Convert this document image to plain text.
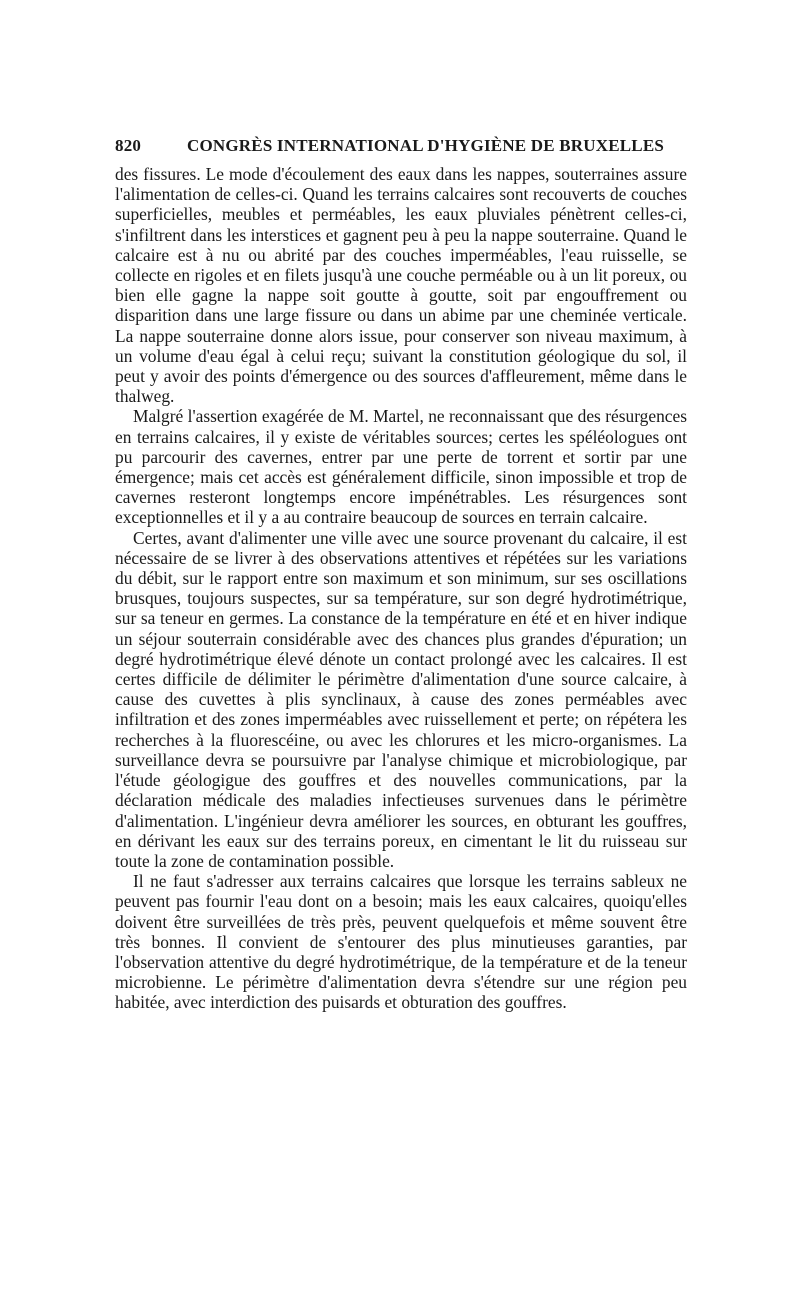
820	CONGRÈS INTERNATIONAL D'HYGIÈNE DE BRUXELLES

des fissures. Le mode d'écoulement des eaux dans les nappes, souterraines assure l'alimentation de celles-ci. Quand les terrains calcaires sont recouverts de couches superficielles, meubles et perméables, les eaux pluviales pénètrent celles-ci, s'infiltrent dans les interstices et gagnent peu à peu la nappe souterraine. Quand le calcaire est à nu ou abrité par des couches imperméables, l'eau ruisselle, se collecte en rigoles et en filets jusqu'à une couche perméable ou à un lit poreux, ou bien elle gagne la nappe soit goutte à goutte, soit par engouffrement ou disparition dans une large fissure ou dans un abime par une cheminée verticale. La nappe souterraine donne alors issue, pour conserver son niveau maximum, à un volume d'eau égal à celui reçu; suivant la constitution géologique du sol, il peut y avoir des points d'émergence ou des sources d'affleurement, même dans le thalweg.

Malgré l'assertion exagérée de M. Martel, ne reconnaissant que des résurgences en terrains calcaires, il y existe de véritables sources; certes les spéléologues ont pu parcourir des cavernes, entrer par une perte de torrent et sortir par une émergence; mais cet accès est généralement difficile, sinon impossible et trop de cavernes resteront longtemps encore impénétrables. Les résurgences sont exceptionnelles et il y a au contraire beaucoup de sources en terrain calcaire.

Certes, avant d'alimenter une ville avec une source provenant du calcaire, il est nécessaire de se livrer à des observations attentives et répétées sur les variations du débit, sur le rapport entre son maximum et son minimum, sur ses oscillations brusques, toujours suspectes, sur sa température, sur son degré hydrotimétrique, sur sa teneur en germes. La constance de la température en été et en hiver indique un séjour souterrain considérable avec des chances plus grandes d'épuration; un degré hydrotimétrique élevé dénote un contact prolongé avec les calcaires. Il est certes difficile de délimiter le périmètre d'alimentation d'une source calcaire, à cause des cuvettes à plis synclinaux, à cause des zones perméables avec infiltration et des zones imperméables avec ruissellement et perte; on répétera les recherches à la fluorescéine, ou avec les chlorures et les micro-organismes. La surveillance devra se poursuivre par l'analyse chimique et microbiologique, par l'étude géologigue des gouffres et des nouvelles communications, par la déclaration médicale des maladies infectieuses survenues dans le périmètre d'alimentation. L'ingénieur devra améliorer les sources, en obturant les gouffres, en dérivant les eaux sur des terrains poreux, en cimentant le lit du ruisseau sur toute la zone de contamination possible.

Il ne faut s'adresser aux terrains calcaires que lorsque les terrains sableux ne peuvent pas fournir l'eau dont on a besoin; mais les eaux calcaires, quoiqu'elles doivent être surveillées de très près, peuvent quelquefois et même souvent être très bonnes. Il convient de s'entourer des plus minutieuses garanties, par l'observation attentive du degré hydrotimétrique, de la température et de la teneur microbienne. Le périmètre d'alimentation devra s'étendre sur une région peu habitée, avec interdiction des puisards et obturation des gouffres.
